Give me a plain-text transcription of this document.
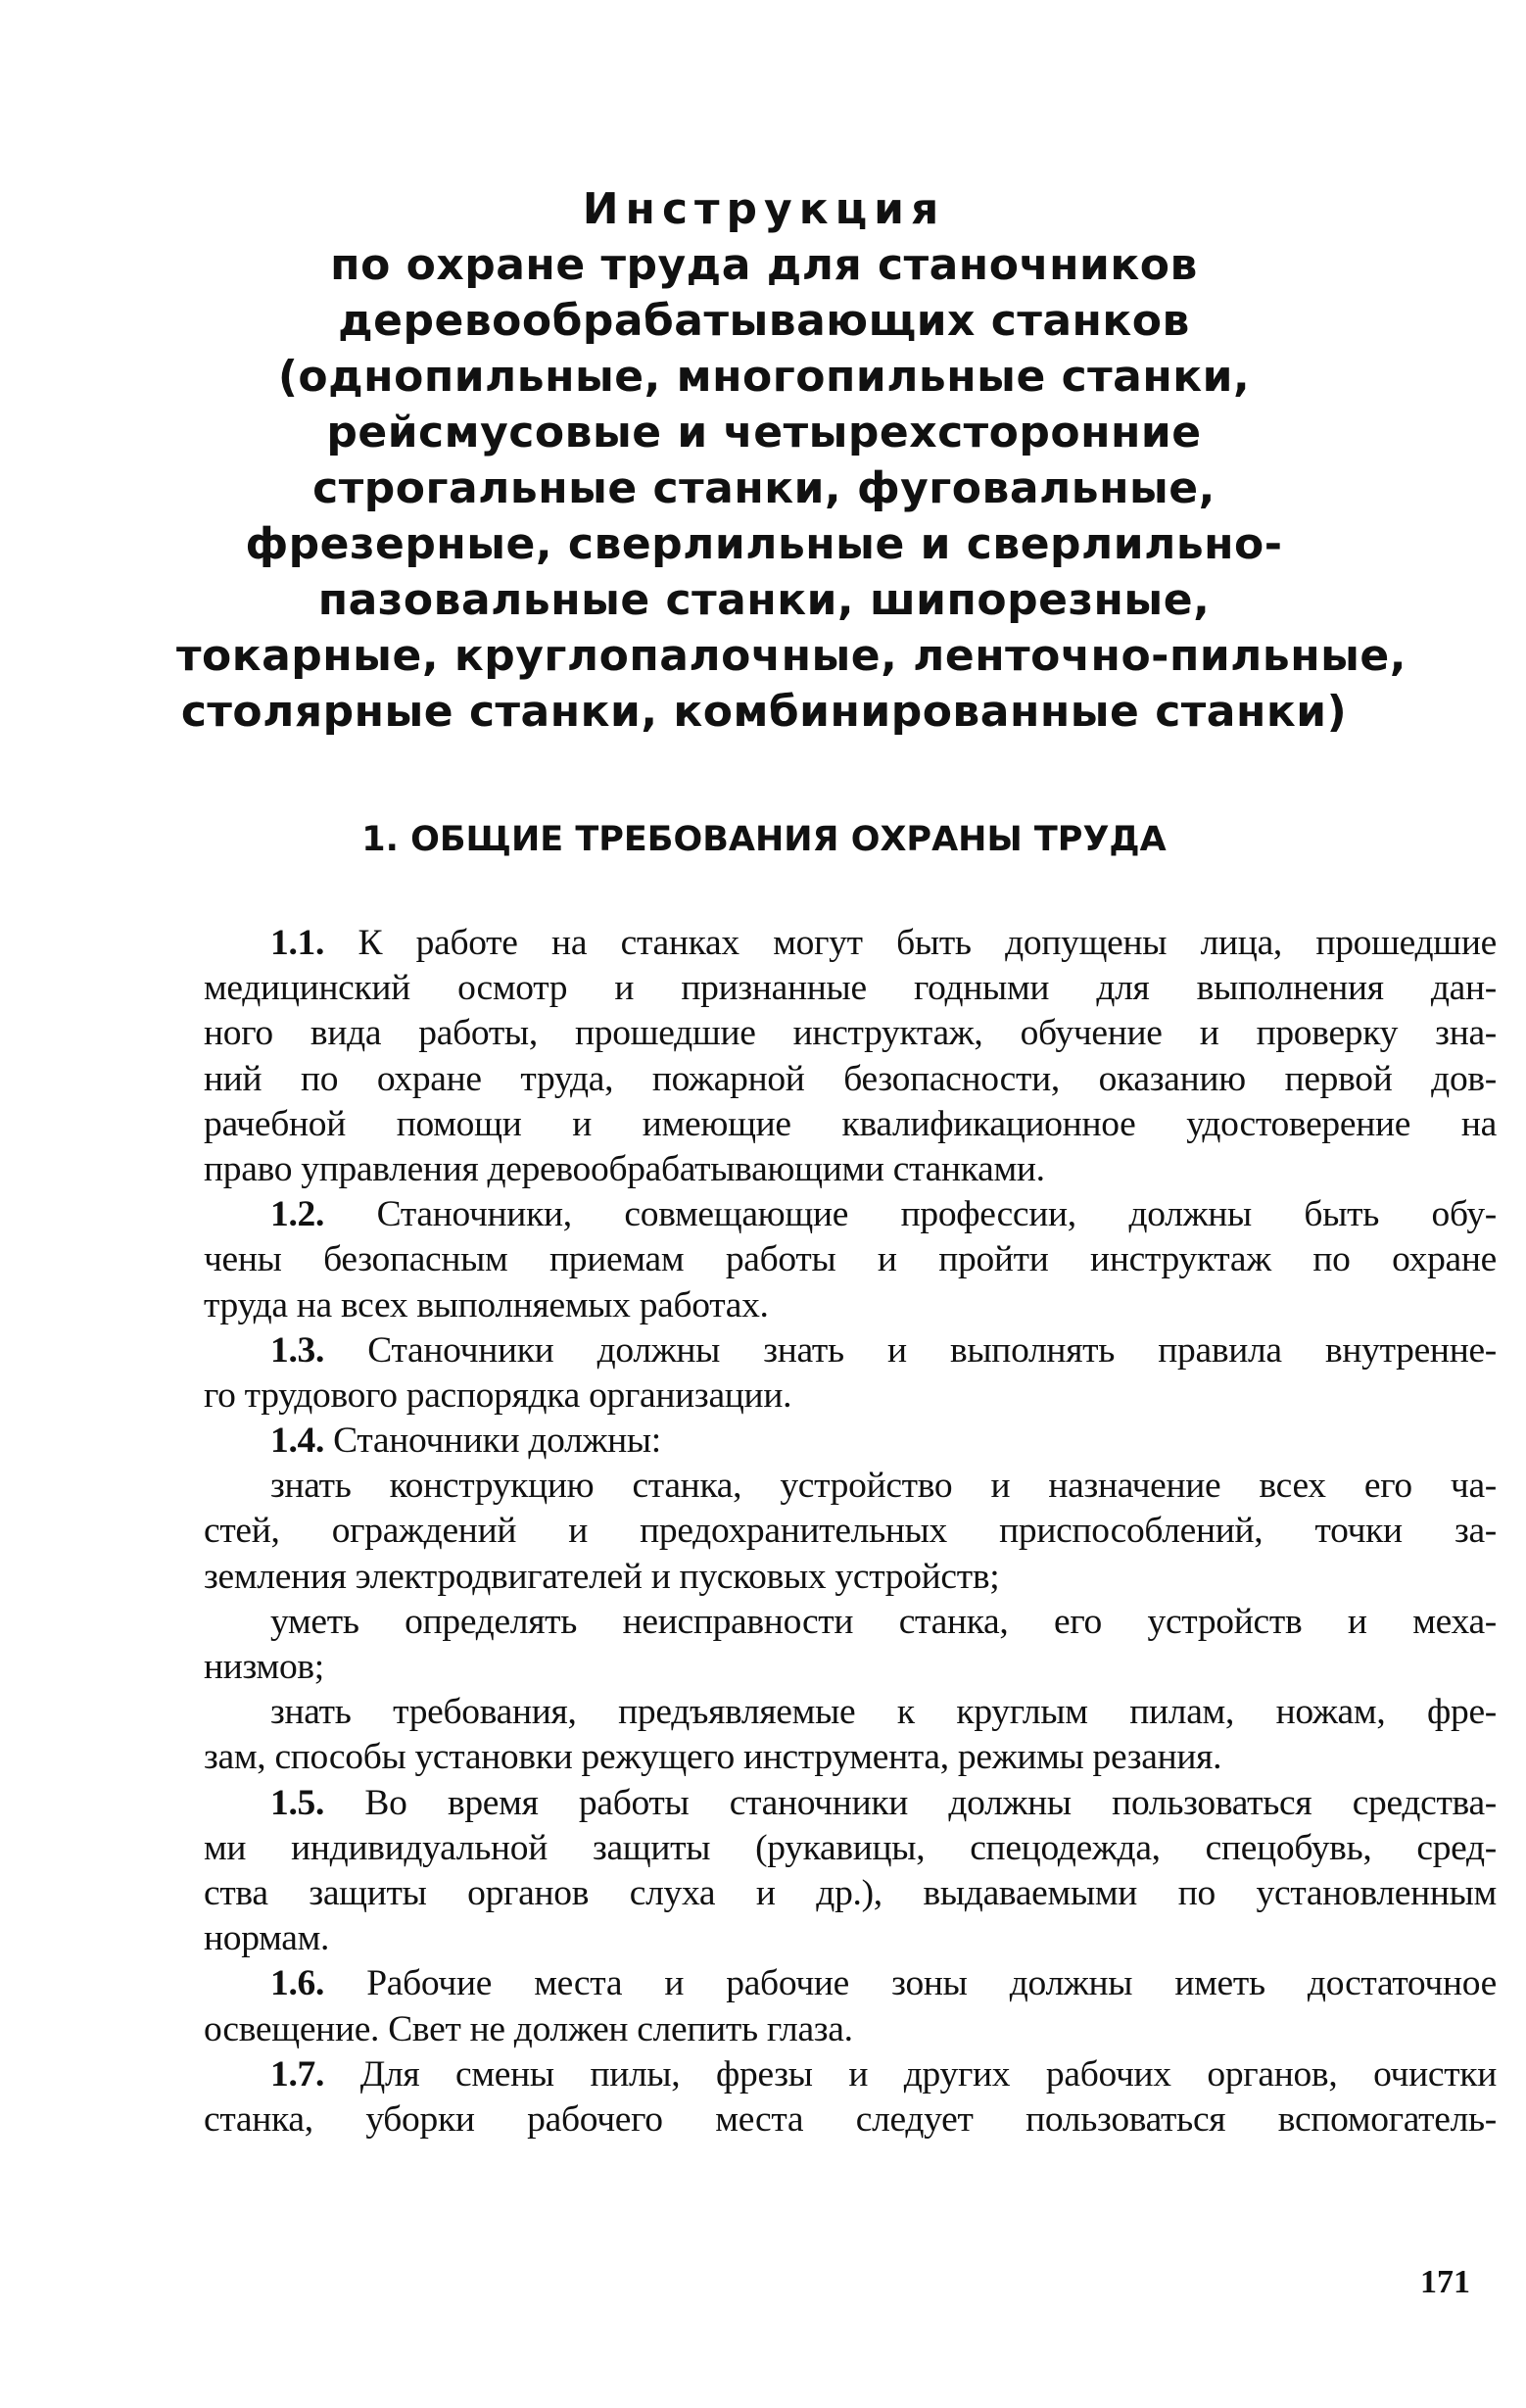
Инструкция
по охране труда для станочников
деревообрабатывающих станков
(однопильные, многопильные станки,
рейсмусовые и четырехсторонние
строгальные станки, фуговальные,
фрезерные, сверлильные и сверлильно-
пазовальные станки, шипорезные,
токарные, круглопалочные, ленточно-пильные,
столярные станки, комбинированные станки)
1. ОБЩИЕ ТРЕБОВАНИЯ ОХРАНЫ ТРУДА
1.1. К работе на станках могут быть допущены лица, прошедшие
медицинский осмотр и признанные годными для выполнения дан-
ного вида работы, прошедшие инструктаж, обучение и проверку зна-
ний по охране труда, пожарной безопасности, оказанию первой дов-
рачебной помощи и имеющие квалификационное удостоверение на
право управления деревообрабатывающими станками.
1.2. Станочники, совмещающие профессии, должны быть обу-
чены безопасным приемам работы и пройти инструктаж по охране
труда на всех выполняемых работах.
1.3. Станочники должны знать и выполнять правила внутренне-
го трудового распорядка организации.
1.4. Станочники должны:
знать конструкцию станка, устройство и назначение всех его ча-
стей, ограждений и предохранительных приспособлений, точки за-
земления электродвигателей и пусковых устройств;
уметь определять неисправности станка, его устройств и меха-
низмов;
знать требования, предъявляемые к круглым пилам, ножам, фре-
зам, способы установки режущего инструмента, режимы резания.
1.5. Во время работы станочники должны пользоваться средства-
ми индивидуальной защиты (рукавицы, спецодежда, спецобувь, сред-
ства защиты органов слуха и др.), выдаваемыми по установленным
нормам.
1.6. Рабочие места и рабочие зоны должны иметь достаточное
освещение. Свет не должен слепить глаза.
1.7. Для смены пилы, фрезы и других рабочих органов, очистки
станка, уборки рабочего места следует пользоваться вспомогатель-
171
